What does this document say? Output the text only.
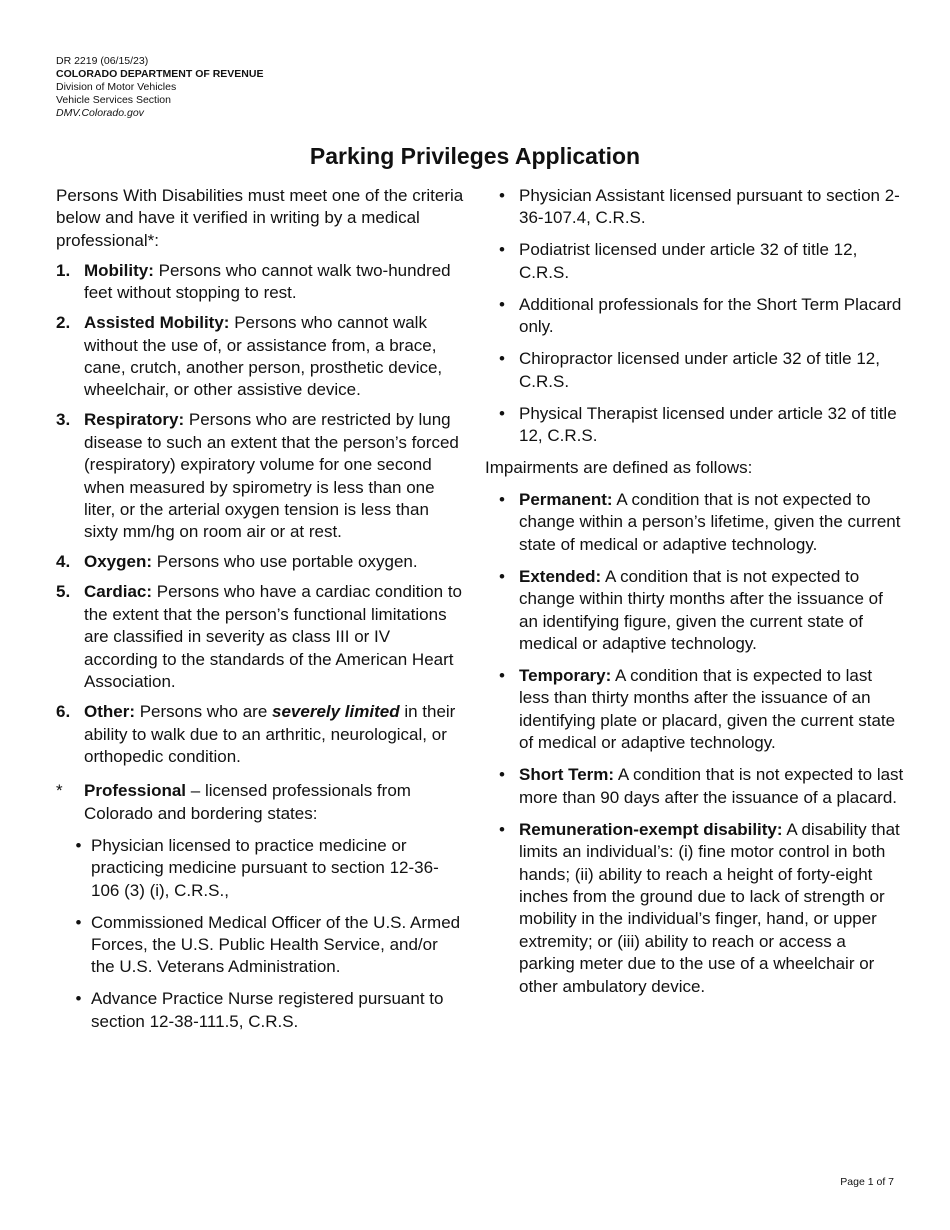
DR 2219 (06/15/23)
COLORADO DEPARTMENT OF REVENUE
Division of Motor Vehicles
Vehicle Services Section
DMV.Colorado.gov
Parking Privileges Application

Persons With Disabilities must meet one of the criteria below and have it verified in writing by a medical professional*:

1. Mobility: Persons who cannot walk two-hundred feet without stopping to rest.
2. Assisted Mobility: Persons who cannot walk without the use of, or assistance from, a brace, cane, crutch, another person, prosthetic device, wheelchair, or other assistive device.
3. Respiratory: Persons who are restricted by lung disease to such an extent that the person’s forced (respiratory) expiratory volume for one second when measured by spirometry is less than one liter, or the arterial oxygen tension is less than sixty mm/hg on room air or at rest.
4. Oxygen: Persons who use portable oxygen.
5. Cardiac: Persons who have a cardiac condition to the extent that the person’s functional limitations are classified in severity as class III or IV according to the standards of the American Heart Association.
6. Other: Persons who are severely limited in their ability to walk due to an arthritic, neurological, or orthopedic condition.
*	Professional – licensed professionals from Colorado and bordering states:
• Physician licensed to practice medicine or practicing medicine pursuant to section 12-36-106 (3) (i), C.R.S.,
• Commissioned Medical Officer of the U.S. Armed Forces, the U.S. Public Health Service, and/or the U.S. Veterans Administration.
• Advance Practice Nurse registered pursuant to section 12-38-111.5, C.R.S.
• Physician Assistant licensed pursuant to section 2-36-107.4, C.R.S.
• Podiatrist licensed under article 32 of title 12, C.R.S.
• Additional professionals for the Short Term Placard only.
• Chiropractor licensed under article 32 of title 12, C.R.S.
• Physical Therapist licensed under article 32 of title 12, C.R.S.

Impairments are defined as follows:

• Permanent: A condition that is not expected to change within a person’s lifetime, given the current state of medical or adaptive technology.
• Extended: A condition that is not expected to change within thirty months after the issuance of an identifying figure, given the current state of medical or adaptive technology.
• Temporary: A condition that is expected to last less than thirty months after the issuance of an identifying plate or placard, given the current state of medical or adaptive technology.
• Short Term: A condition that is not expected to last more than 90 days after the issuance of a placard.
• Remuneration-exempt disability: A disability that limits an individual’s: (i) fine motor control in both hands; (ii) ability to reach a height of forty-eight inches from the ground due to lack of strength or mobility in the individual’s finger, hand, or upper extremity; or (iii) ability to reach or access a parking meter due to the use of a wheelchair or other ambulatory device.
Page 1 of 7
